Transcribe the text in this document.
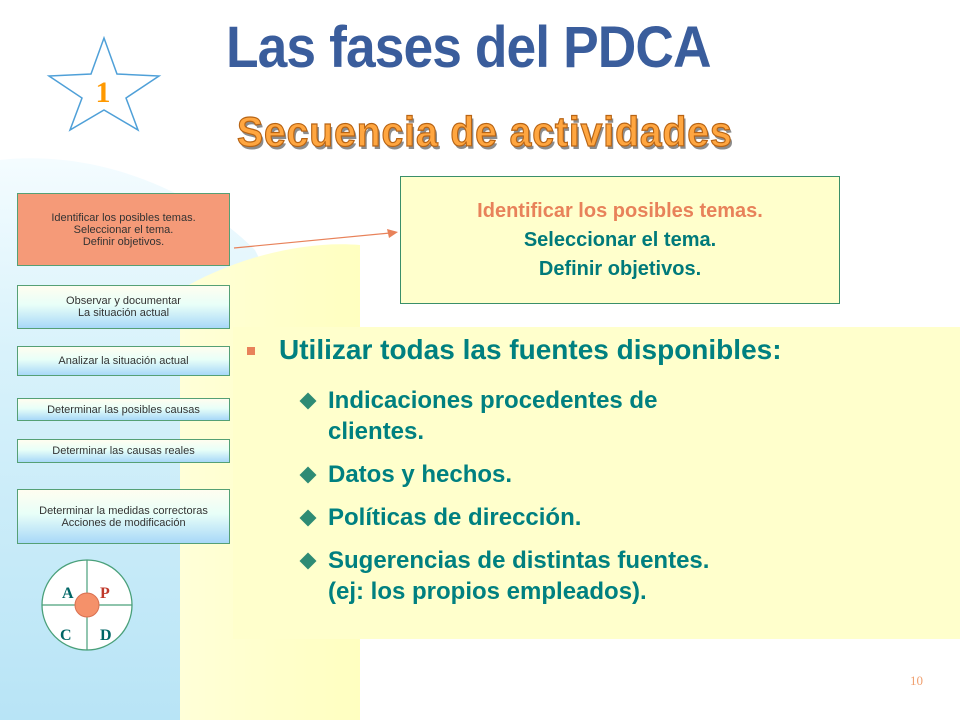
1
Las fases del PDCA
Secuencia de actividades
Identificar los posibles temas.
Seleccionar el tema.
Definir objetivos.
Observar y documentar
La situación actual
Analizar la situación actual
Determinar las posibles causas
Determinar las causas reales
Determinar la medidas correctoras
Acciones de modificación
Identificar los posibles temas.
Seleccionar el tema.
Definir objetivos.
Utilizar todas las fuentes disponibles:
Indicaciones procedentes de
clientes.
Datos y hechos.
Políticas de dirección.
Sugerencias de distintas fuentes.
(ej: los propios empleados).
A P
C D
10
